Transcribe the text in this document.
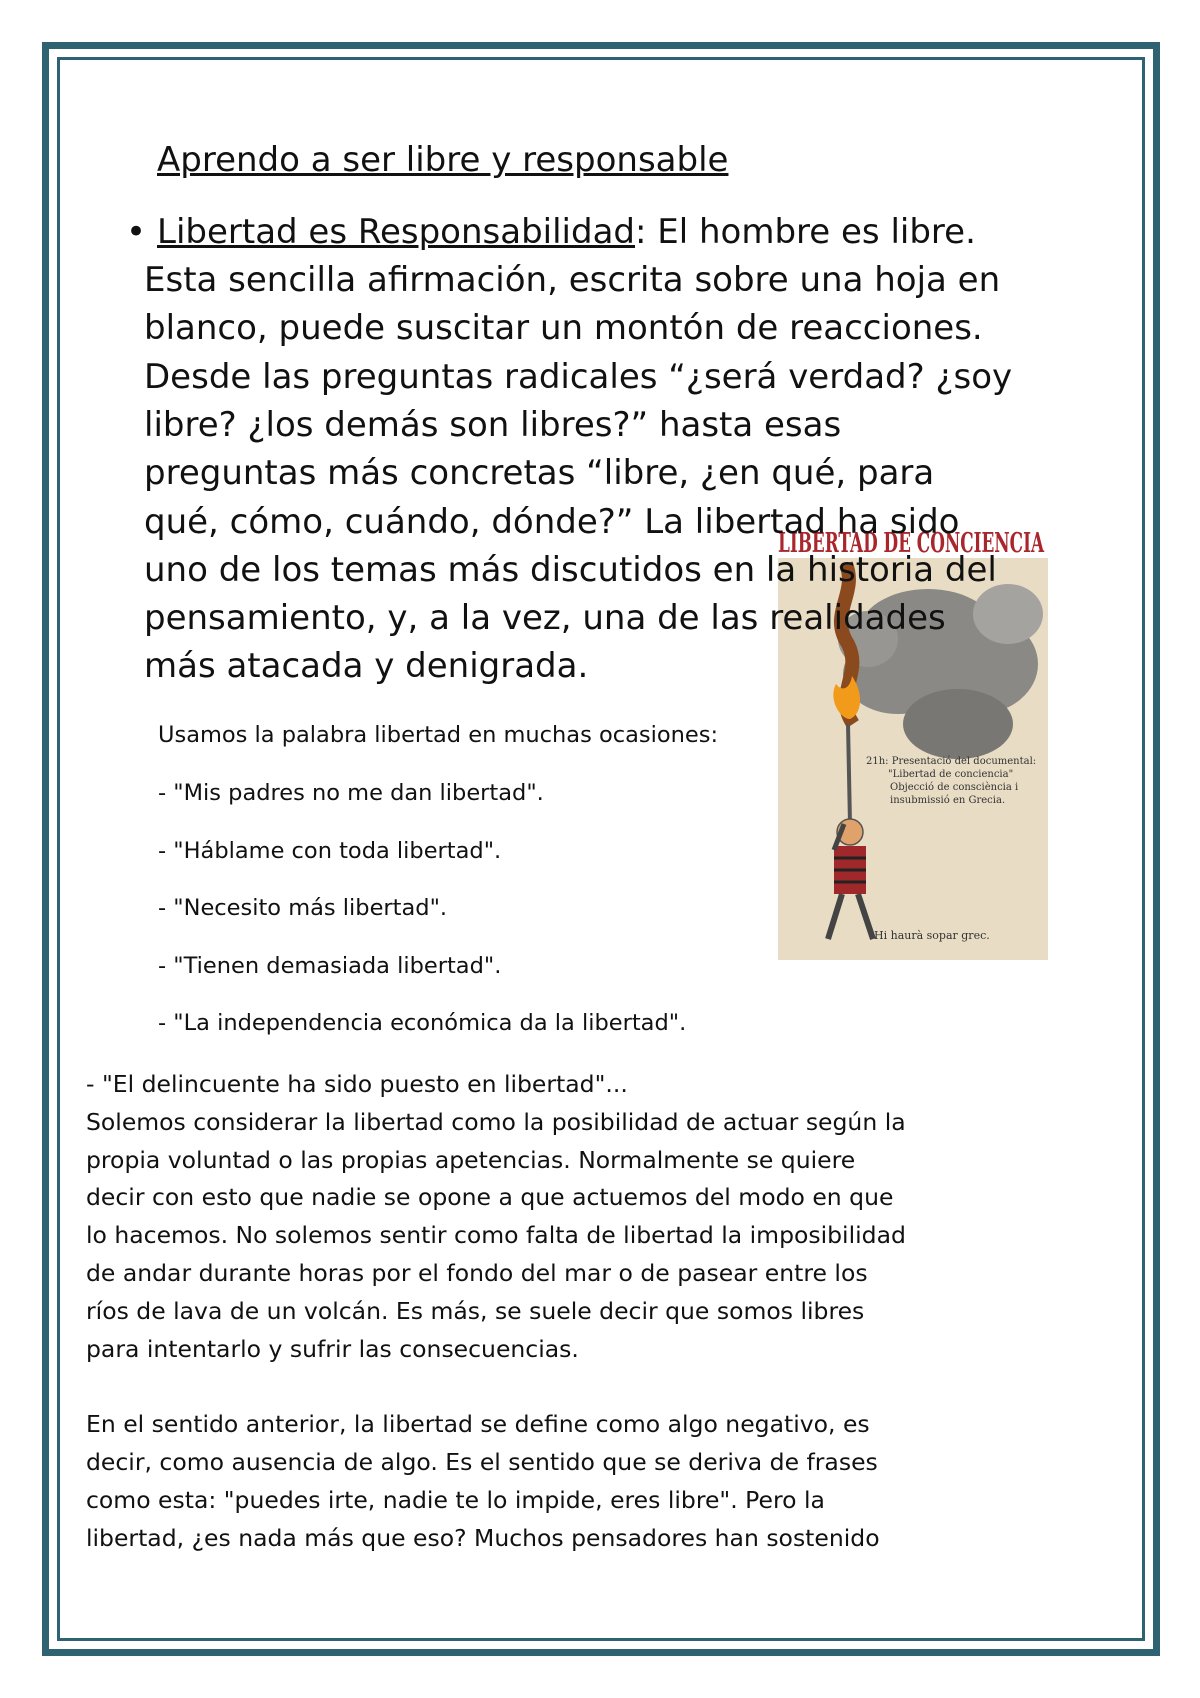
21h: Presentació del documental:
"Libertad de conciencia"
Objecció de consciència i
insubmissió en Grecia.
Hi haurà sopar grec.
LIBERTAD DE CONCIENCIA
Aprendo a ser libre y responsable
• Libertad es Responsabilidad: El hombre es libre.
Esta sencilla afirmación, escrita sobre una hoja en
blanco, puede suscitar un montón de reacciones.
Desde las preguntas radicales “¿será verdad? ¿soy
libre? ¿los demás son libres?” hasta esas
preguntas más concretas “libre, ¿en qué, para
qué, cómo, cuándo, dónde?” La libertad ha sido
uno de los temas más discutidos en la historia del
pensamiento, y, a la vez, una de las realidades
más atacada y denigrada.
Usamos la palabra libertad en muchas ocasiones:
- "Mis padres no me dan libertad".
- "Háblame con toda libertad".
- "Necesito más libertad".
- "Tienen demasiada libertad".
- "La independencia económica da la libertad".
- "El delincuente ha sido puesto en libertad"...
Solemos considerar la libertad como la posibilidad de actuar según la
propia voluntad o las propias apetencias. Normalmente se quiere
decir con esto que nadie se opone a que actuemos del modo en que
lo hacemos. No solemos sentir como falta de libertad la imposibilidad
de andar durante horas por el fondo del mar o de pasear entre los
ríos de lava de un volcán. Es más, se suele decir que somos libres
para intentarlo y sufrir las consecuencias.
En el sentido anterior, la libertad se define como algo negativo, es
decir, como ausencia de algo. Es el sentido que se deriva de frases
como esta: "puedes irte, nadie te lo impide, eres libre". Pero la
libertad, ¿es nada más que eso? Muchos pensadores han sostenido
